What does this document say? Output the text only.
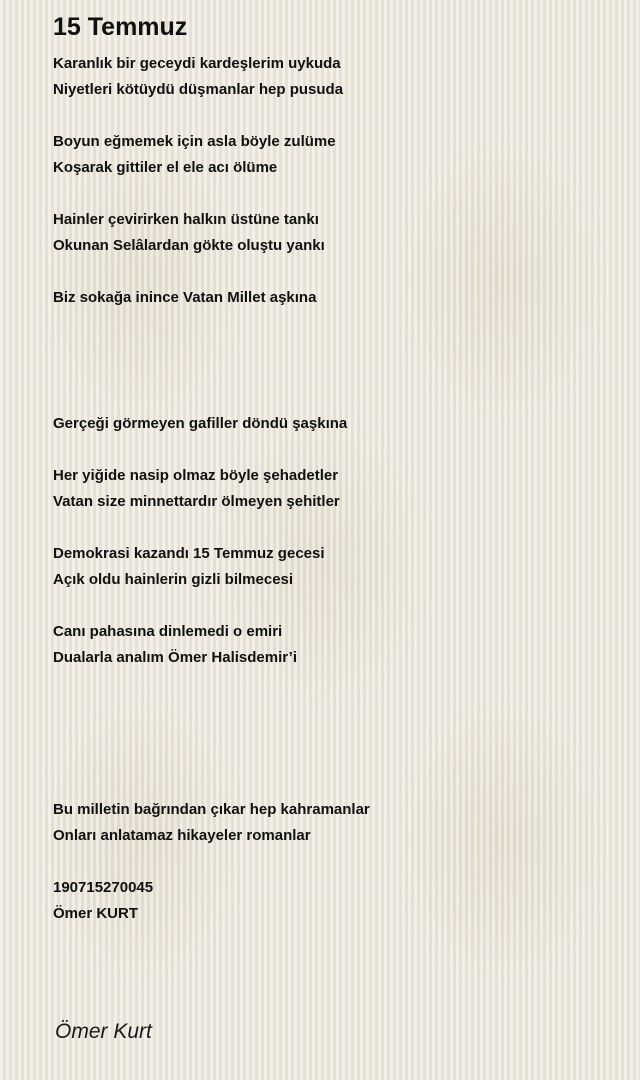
15 Temmuz

Karanlık bir geceydi kardeşlerim uykuda

Niyetleri kötüydü düşmanlar hep pusuda

Boyun eğmemek için asla böyle zulüme

Koşarak gittiler el ele acı ölüme

Hainler çevirirken halkın üstüne tankı

Okunan Selâlardan gökte oluştu yankı

Biz sokağa inince Vatan Millet aşkına

Gerçeği görmeyen gafiller döndü şaşkına

Her yiğide nasip olmaz böyle şehadetler

Vatan size minnettardır ölmeyen şehitler

Demokrasi kazandı 15 Temmuz gecesi

Açık oldu hainlerin gizli bilmecesi

Canı pahasına dinlemedi o emiri

Dualarla analım Ömer Halisdemir’i

Bu milletin bağrından çıkar hep kahramanlar

Onları anlatamaz hikayeler romanlar

190715270045

Ömer KURT

Ömer Kurt
